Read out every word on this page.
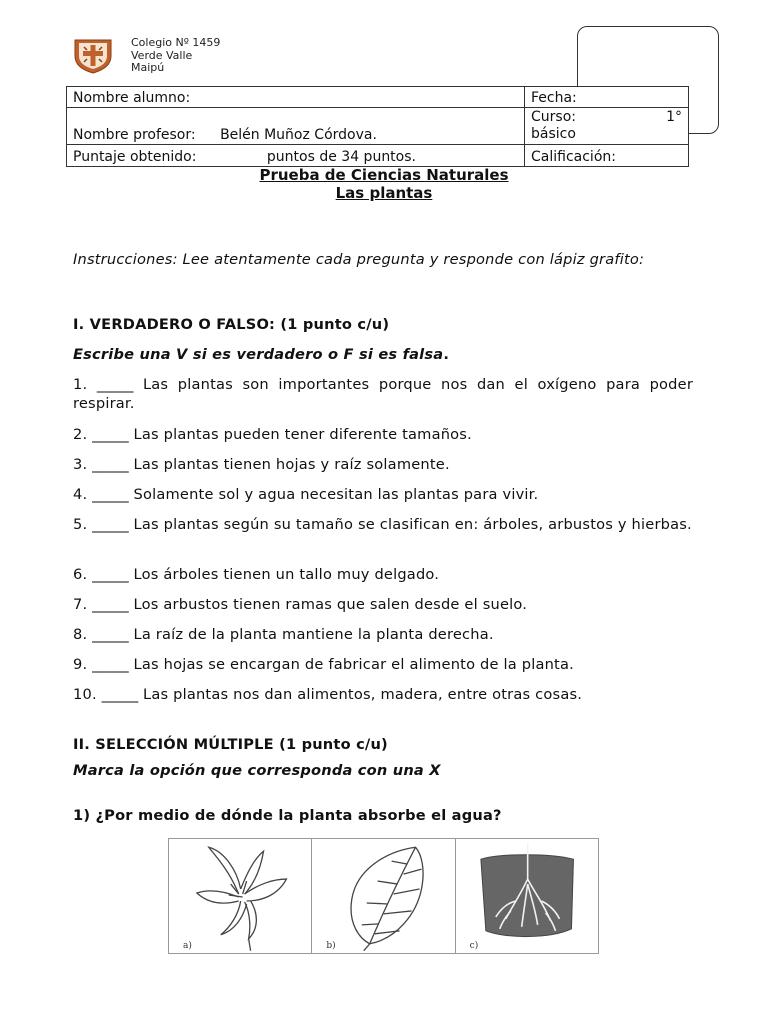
Colegio Nº 1459
Verde Valle
Maipú
Nombre alumno:	Fecha:
Nombre profesor: Belén Muñoz Córdova.	Curso: 1°
básico

Puntaje obtenido: puntos de 34 puntos.	Calificación:
Prueba de Ciencias Naturales
Las plantas
Instrucciones: Lee atentamente cada pregunta y responde con lápiz grafito:
I. VERDADERO O FALSO: (1 punto c/u)
Escribe una V si es verdadero o F si es falsa.
1. _____ Las plantas son importantes porque nos dan el oxígeno para poder respirar.
2. _____ Las plantas pueden tener diferente tamaños.
3. _____ Las plantas tienen hojas y raíz solamente.
4. _____ Solamente sol y agua necesitan las plantas para vivir.
5. _____ Las plantas según su tamaño se clasifican en: árboles, arbustos y hierbas.
6. _____ Los árboles tienen un tallo muy delgado.
7. _____ Los arbustos tienen ramas que salen desde el suelo.
8. _____ La raíz de la planta mantiene la planta derecha.
9. _____ Las hojas se encargan de fabricar el alimento de la planta.
10. _____ Las plantas nos dan alimentos, madera, entre otras cosas.
II. SELECCIÓN MÚLTIPLE (1 punto c/u)
Marca la opción que corresponda con una X
1) ¿Por medio de dónde la planta absorbe el agua?
a)	b)	c)
